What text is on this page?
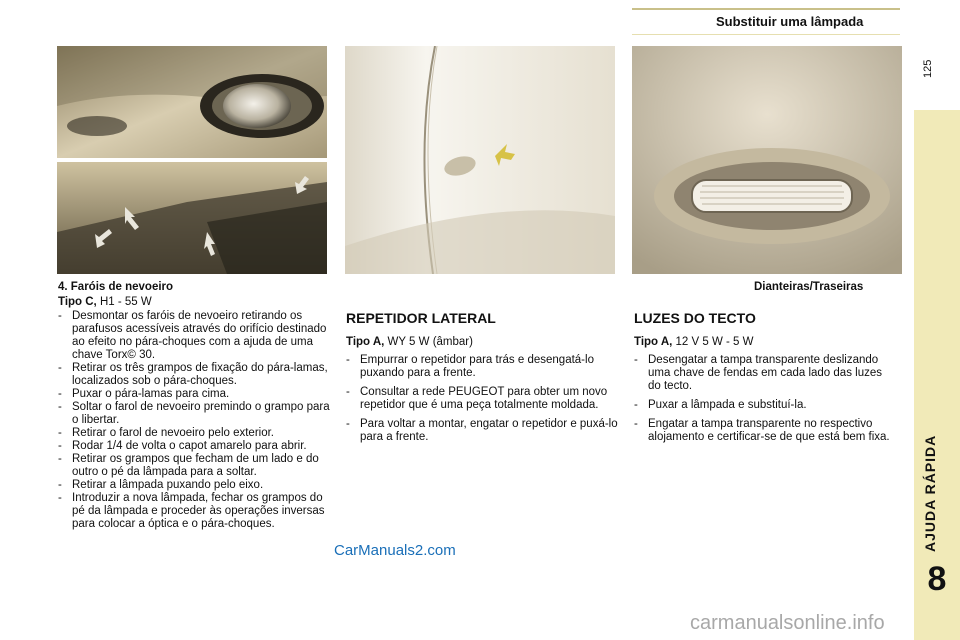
Substituir uma lâmpada
125
AJUDA RÁPIDA
8
4. Faróis de nevoeiro	Dianteiras/Traseiras
Tipo C, H1 - 55 W
- Desmontar os faróis de nevoeiro retirando os parafusos acessíveis através do orifício destinado ao efeito no pára-choques com a ajuda de uma chave Torx© 30.
- Retirar os três grampos de fixação do pára-lamas, localizados sob o pára-choques.
- Puxar o pára-lamas para cima.
- Soltar o farol de nevoeiro premindo o grampo para o libertar.
- Retirar o farol de nevoeiro pelo exterior.
- Rodar 1/4 de volta o capot amarelo para abrir.
- Retirar os grampos que fecham de um lado e do outro o pé da lâmpada para a soltar.
- Retirar a lâmpada puxando pelo eixo.
- Introduzir a nova lâmpada, fechar os grampos do pé da lâmpada e proceder às operações inversas para colocar a óptica e o pára-choques.
REPETIDOR LATERAL
Tipo A, WY 5 W (âmbar)
- Empurrar o repetidor para trás e desengatá-lo puxando para a frente.
- Consultar a rede PEUGEOT para obter um novo repetidor que é uma peça totalmente moldada.
- Para voltar a montar, engatar o repetidor e puxá-lo para a frente.
LUZES DO TECTO
Tipo A, 12 V 5 W - 5 W
- Desengatar a tampa transparente deslizando uma chave de fendas em cada lado das luzes do tecto.
- Puxar a lâmpada e substituí-la.
- Engatar a tampa transparente no respectivo alojamento e certificar-se de que está bem fixa.
CarManuals2.com
carmanualsonline.info
